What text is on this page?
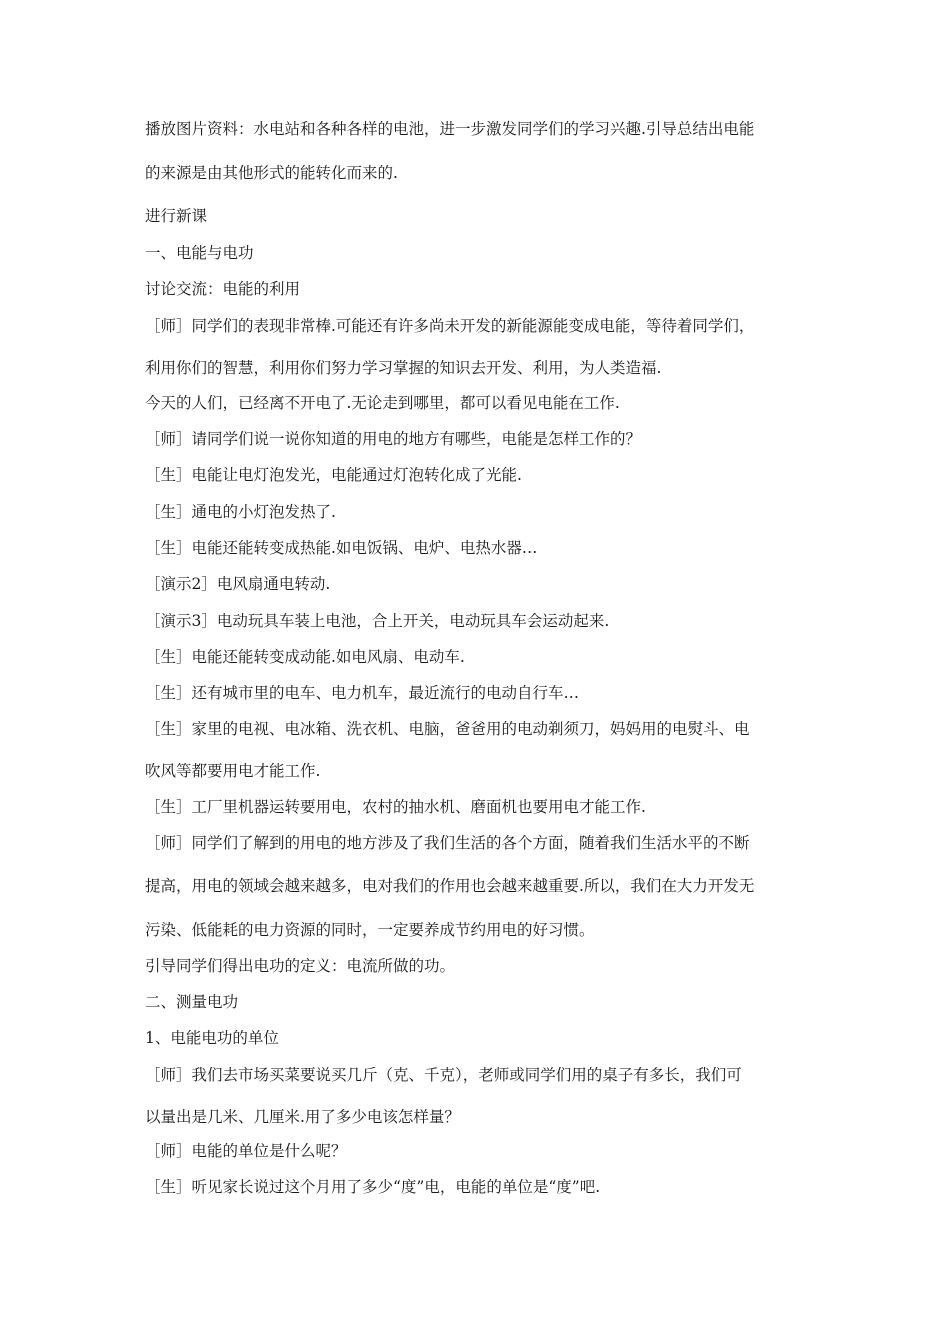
播放图片资料：水电站和各种各样的电池，进一步激发同学们的学习兴趣.引导总结出电能
的来源是由其他形式的能转化而来的.
进行新课
一、电能与电功
讨论交流：电能的利用
［师］同学们的表现非常棒.可能还有许多尚未开发的新能源能变成电能，等待着同学们，
利用你们的智慧，利用你们努力学习掌握的知识去开发、利用，为人类造福.
今天的人们，已经离不开电了.无论走到哪里，都可以看见电能在工作.
［师］请同学们说一说你知道的用电的地方有哪些，电能是怎样工作的？
［生］电能让电灯泡发光，电能通过灯泡转化成了光能.
［生］通电的小灯泡发热了.
［生］电能还能转变成热能.如电饭锅、电炉、电热水器…
［演示2］电风扇通电转动.
［演示3］电动玩具车装上电池，合上开关，电动玩具车会运动起来.
［生］电能还能转变成动能.如电风扇、电动车.
［生］还有城市里的电车、电力机车，最近流行的电动自行车…
［生］家里的电视、电冰箱、洗衣机、电脑，爸爸用的电动剃须刀，妈妈用的电熨斗、电
吹风等都要用电才能工作.
［生］工厂里机器运转要用电，农村的抽水机、磨面机也要用电才能工作.
［师］同学们了解到的用电的地方涉及了我们生活的各个方面，随着我们生活水平的不断
提高，用电的领域会越来越多，电对我们的作用也会越来越重要.所以，我们在大力开发无
污染、低能耗的电力资源的同时，一定要养成节约用电的好习惯。
引导同学们得出电功的定义：电流所做的功。
二、测量电功
1、电能电功的单位
［师］我们去市场买菜要说买几斤（克、千克），老师或同学们用的桌子有多长，我们可
以量出是几米、几厘米.用了多少电该怎样量？
［师］电能的单位是什么呢？
［生］听见家长说过这个月用了多少“度”电，电能的单位是“度”吧.
